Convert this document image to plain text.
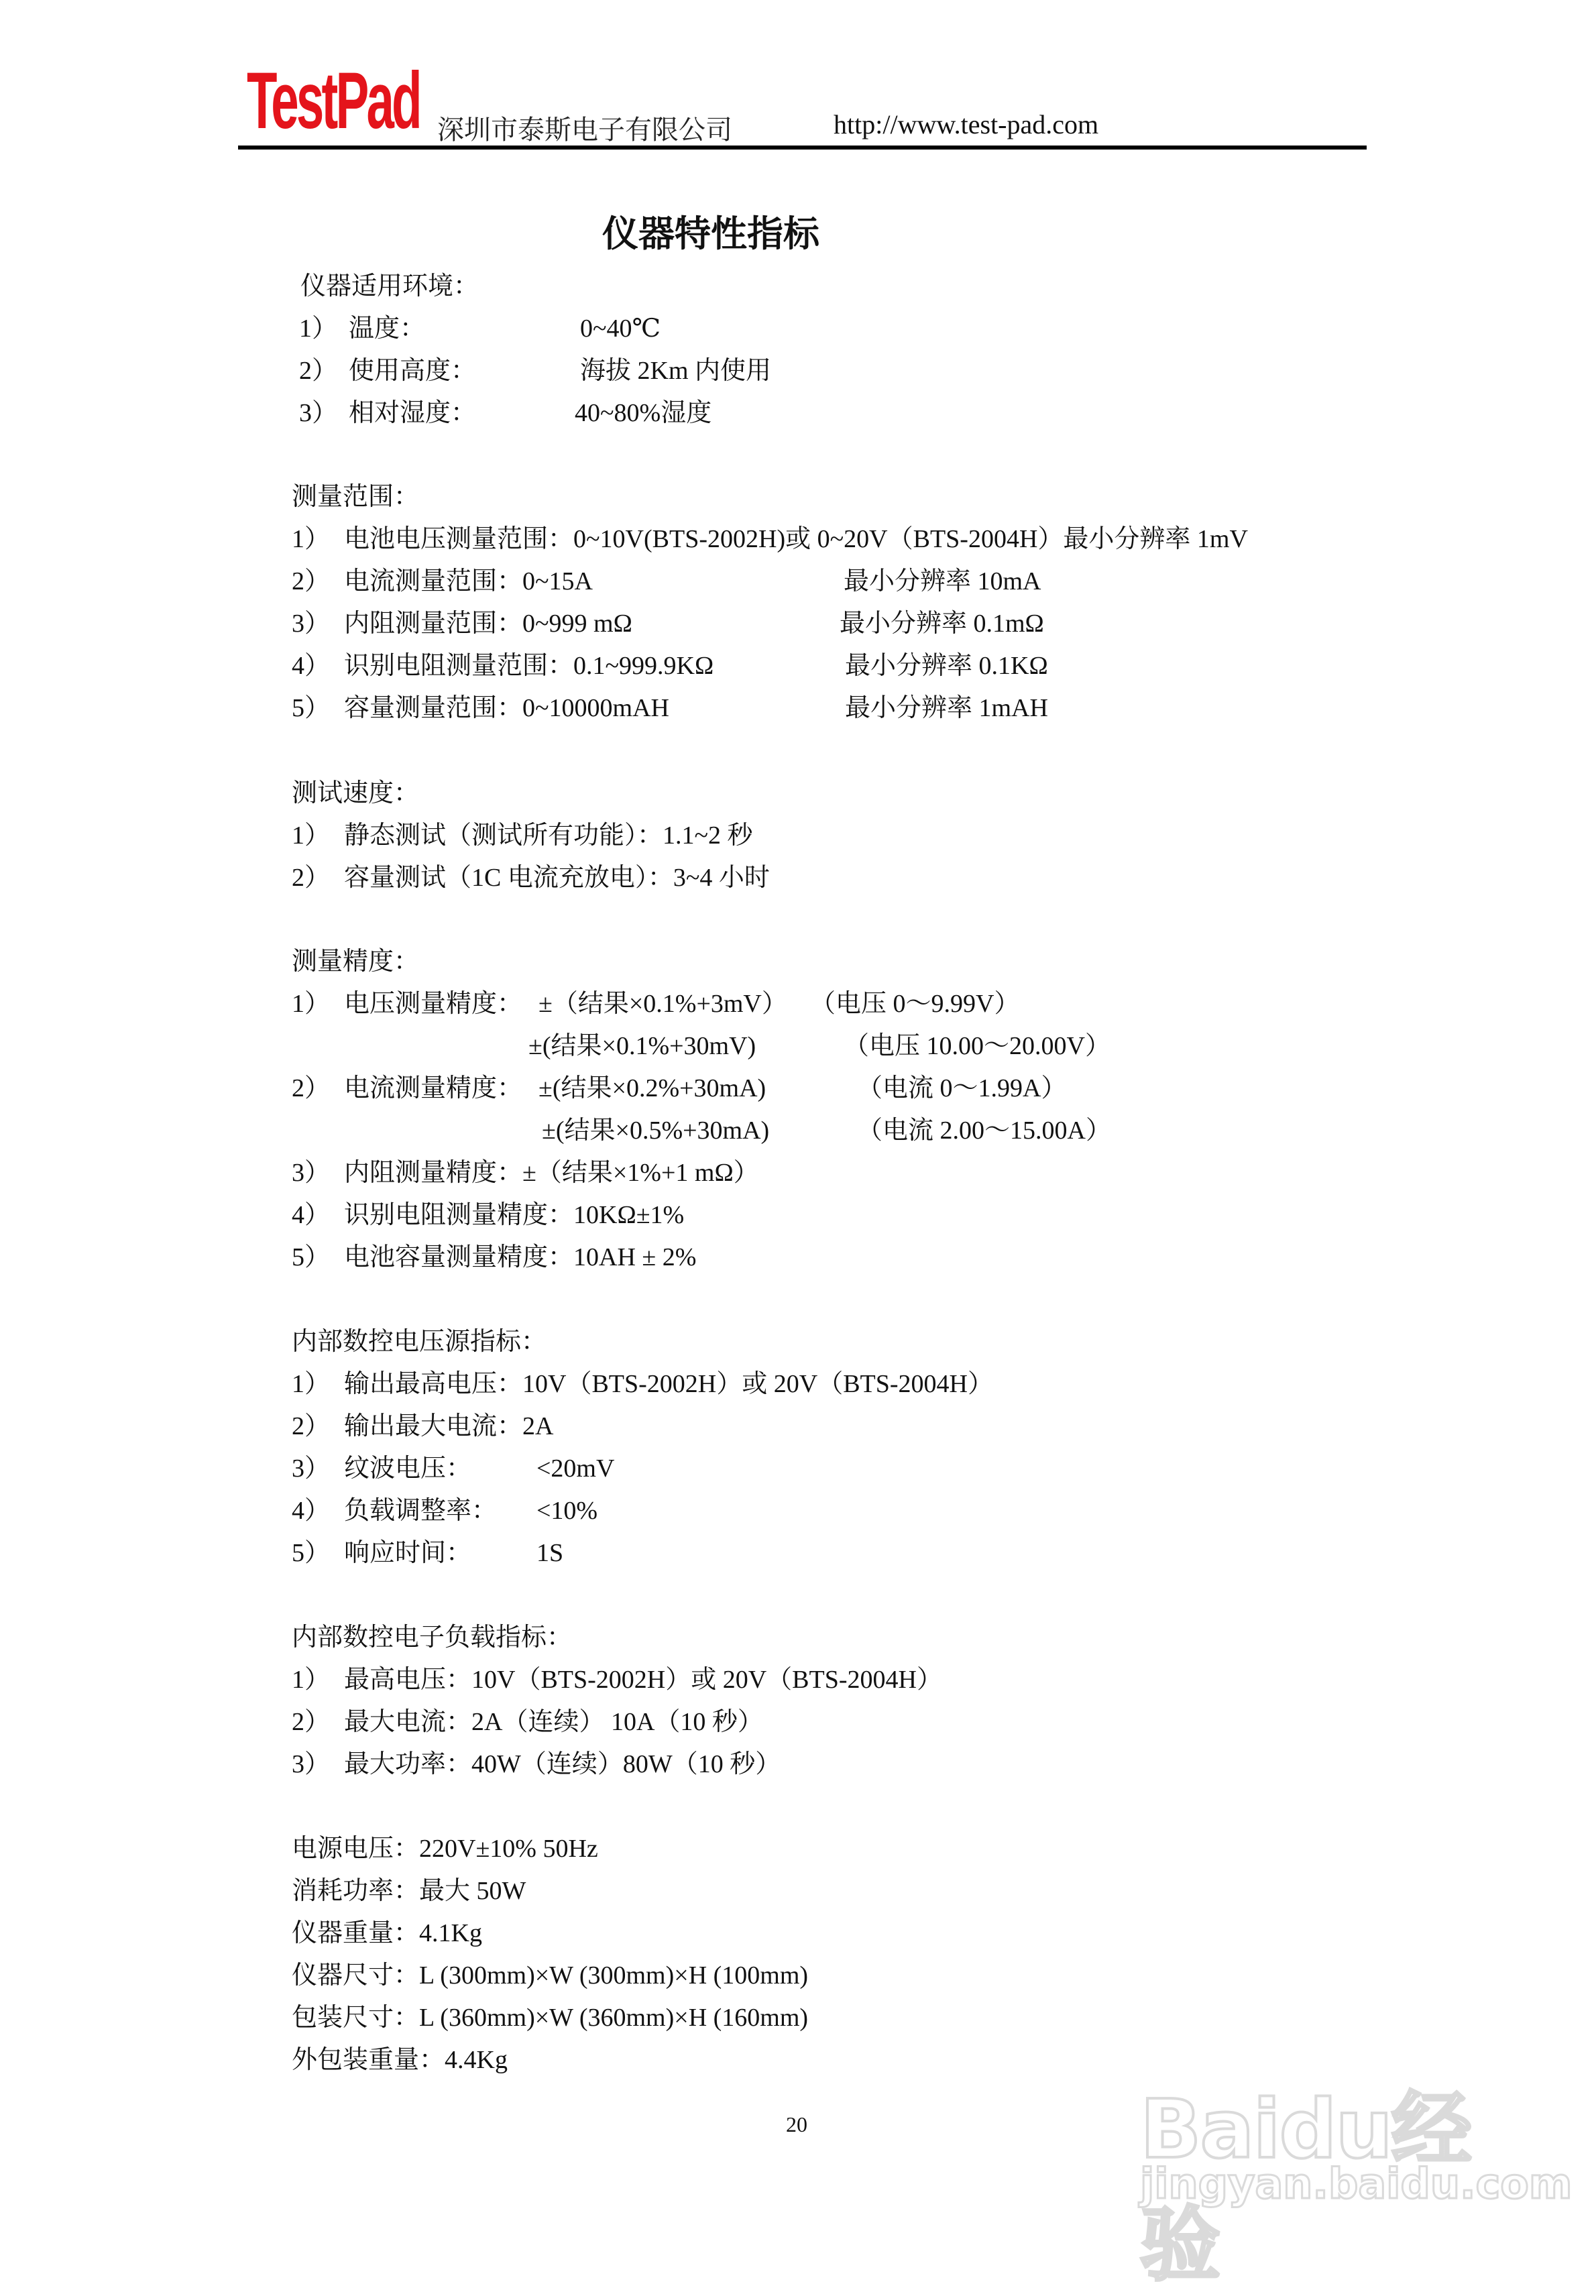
TestPad 深圳市泰斯电子有限公司	http://www.test-pad.com
仪器特性指标
仪器适用环境：
1） 温度：	0~40℃
2） 使用高度：	海拔 2Km 内使用
3） 相对湿度：	40~80%湿度
测量范围：
1） 电池电压测量范围：0~10V(BTS-2002H)或 0~20V（BTS-2004H）最小分辨率 1mV
2） 电流测量范围：0~15A	最小分辨率 10mA
3） 内阻测量范围：0~999 mΩ	最小分辨率 0.1mΩ
4） 识别电阻测量范围：0.1~999.9KΩ	最小分辨率 0.1KΩ
5） 容量测量范围：0~10000mAH	最小分辨率 1mAH
测试速度：
1） 静态测试（测试所有功能）：1.1~2 秒
2） 容量测试（1C 电流充放电）：3~4 小时
测量精度：
1） 电压测量精度： ±（结果×0.1%+3mV） （电压 0～9.99V）
±(结果×0.1%+30mV)	（电压 10.00～20.00V）
2） 电流测量精度： ±(结果×0.2%+30mA)	（电流 0～1.99A）
±(结果×0.5%+30mA)	（电流 2.00～15.00A）
3） 内阻测量精度：±（结果×1%+1 mΩ）
4） 识别电阻测量精度：10KΩ±1%
5） 电池容量测量精度：10AH ± 2%
内部数控电压源指标：
1） 输出最高电压：10V（BTS-2002H）或 20V（BTS-2004H）
2） 输出最大电流：2A
3） 纹波电压：	<20mV
4） 负载调整率： <10%
5） 响应时间：	1S
内部数控电子负载指标：
1） 最高电压：10V（BTS-2002H）或 20V（BTS-2004H）
2） 最大电流：2A（连续） 10A（10 秒）
3） 最大功率：40W（连续）80W（10 秒）
电源电压：220V±10% 50Hz
消耗功率：最大 50W
仪器重量：4.1Kg
仪器尺寸：L (300mm)×W (300mm)×H (100mm)
包装尺寸：L (360mm)×W (360mm)×H (160mm)
外包装重量：4.4Kg
20	Baidu经验
jingyan.baidu.com
